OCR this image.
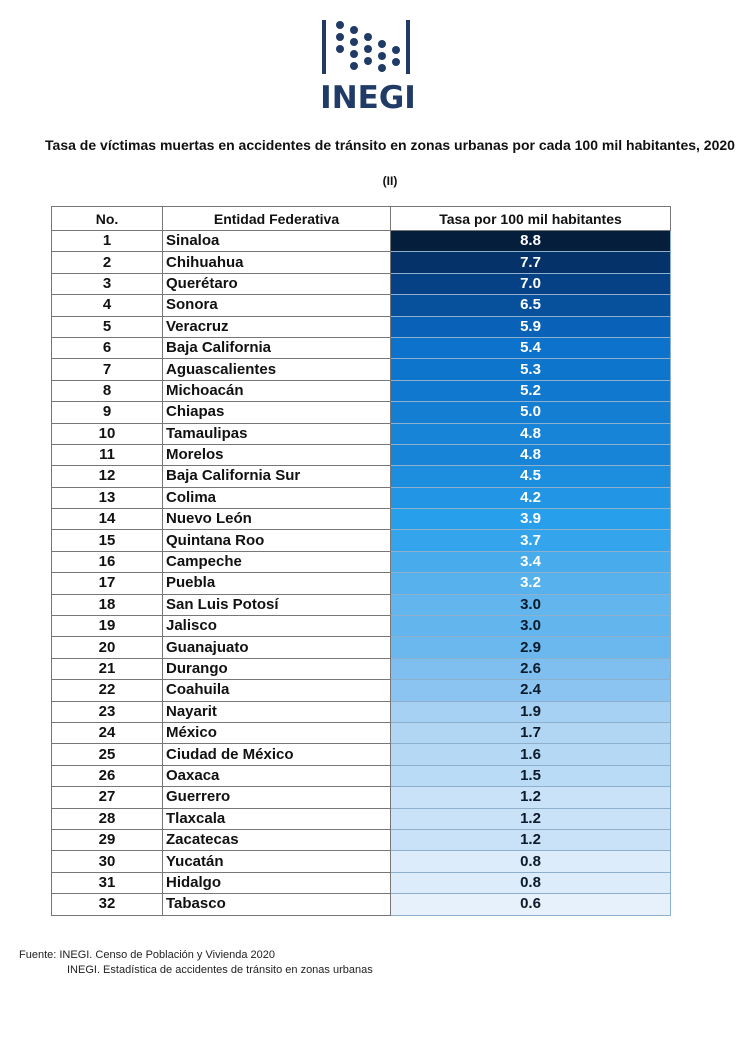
INEGI
Tasa de víctimas muertas en accidentes de tránsito en zonas urbanas por cada 100 mil habitantes, 2020
(II)
No.	Entidad Federativa	Tasa por 100 mil habitantes
1	Sinaloa	8.8
2	Chihuahua	7.7
3	Querétaro	7.0
4	Sonora	6.5
5	Veracruz	5.9
6	Baja California	5.4
7	Aguascalientes	5.3
8	Michoacán	5.2
9	Chiapas	5.0
10	Tamaulipas	4.8
11	Morelos	4.8
12	Baja California Sur	4.5
13	Colima	4.2
14	Nuevo León	3.9
15	Quintana Roo	3.7
16	Campeche	3.4
17	Puebla	3.2
18	San Luis Potosí	3.0
19	Jalisco	3.0
20	Guanajuato	2.9
21	Durango	2.6
22	Coahuila	2.4
23	Nayarit	1.9
24	México	1.7
25	Ciudad de México	1.6
26	Oaxaca	1.5
27	Guerrero	1.2
28	Tlaxcala	1.2
29	Zacatecas	1.2
30	Yucatán	0.8
31	Hidalgo	0.8
32	Tabasco	0.6
Fuente: INEGI. Censo de Población y Vivienda 2020
INEGI. Estadística de accidentes de tránsito en zonas urbanas
